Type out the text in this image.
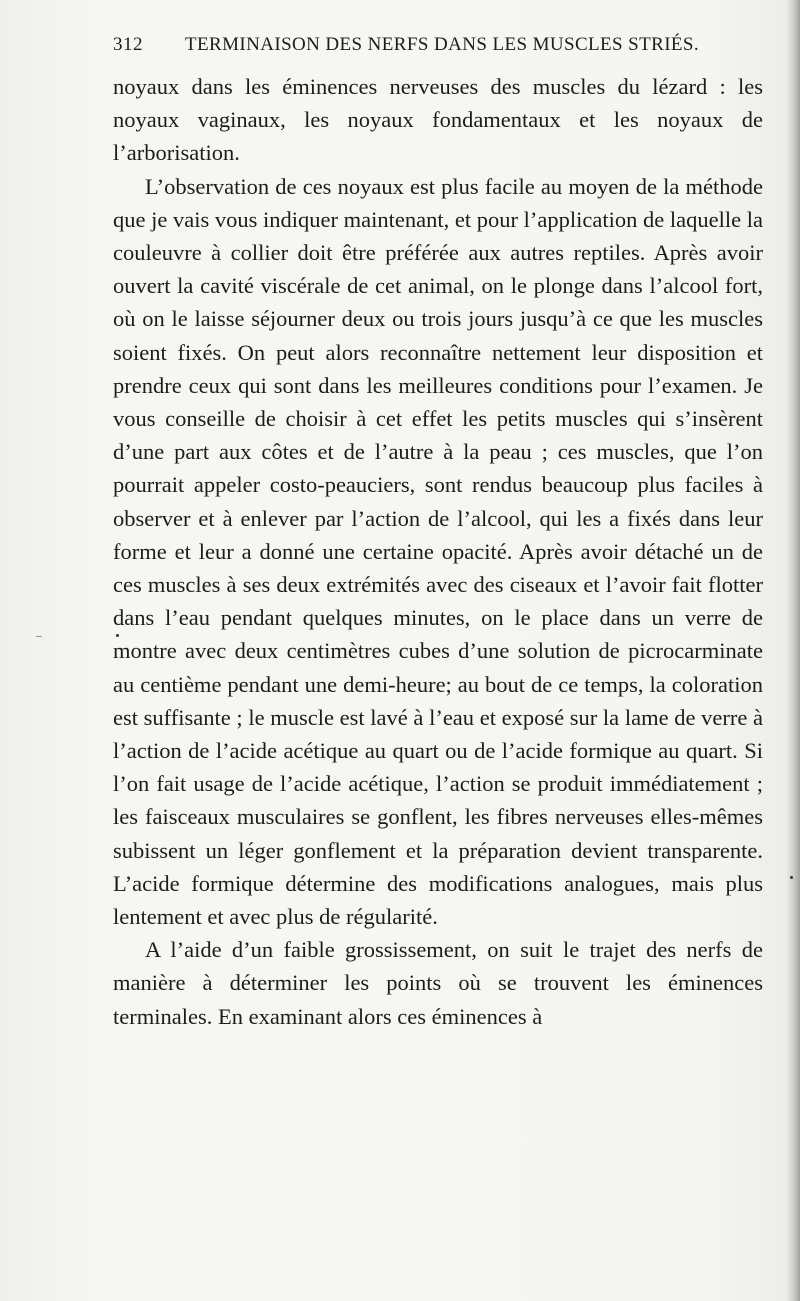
312 TERMINAISON DES NERFS DANS LES MUSCLES STRIÉS.

noyaux dans les éminences nerveuses des muscles du lézard : les noyaux vaginaux, les noyaux fondamentaux et les noyaux de l’arborisation.

L’observation de ces noyaux est plus facile au moyen de la méthode que je vais vous indiquer maintenant, et pour l’application de laquelle la couleuvre à collier doit être préférée aux autres reptiles. Après avoir ouvert la cavité viscérale de cet animal, on le plonge dans l’alcool fort, où on le laisse séjourner deux ou trois jours jusqu’à ce que les muscles soient fixés. On peut alors reconnaître nettement leur disposition et prendre ceux qui sont dans les meilleures conditions pour l’examen. Je vous conseille de choisir à cet effet les petits muscles qui s’insèrent d’une part aux côtes et de l’autre à la peau ; ces muscles, que l’on pourrait appeler costo-peauciers, sont rendus beaucoup plus faciles à observer et à enlever par l’action de l’alcool, qui les a fixés dans leur forme et leur a donné une certaine opacité. Après avoir détaché un de ces muscles à ses deux extrémités avec des ciseaux et l’avoir fait flotter dans l’eau pendant quelques minutes, on le place dans un verre de montre avec deux centimètres cubes d’une solution de picrocarminate au centième pendant une demi-heure; au bout de ce temps, la coloration est suffisante ; le muscle est lavé à l’eau et exposé sur la lame de verre à l’action de l’acide acétique au quart ou de l’acide formique au quart. Si l’on fait usage de l’acide acétique, l’action se produit immédiatement ; les faisceaux musculaires se gonflent, les fibres nerveuses elles-mêmes subissent un léger gonflement et la préparation devient transparente. L’acide formique détermine des modifications analogues, mais plus lentement et avec plus de régularité.

A l’aide d’un faible grossissement, on suit le trajet des nerfs de manière à déterminer les points où se trouvent les éminences terminales. En examinant alors ces éminences à
